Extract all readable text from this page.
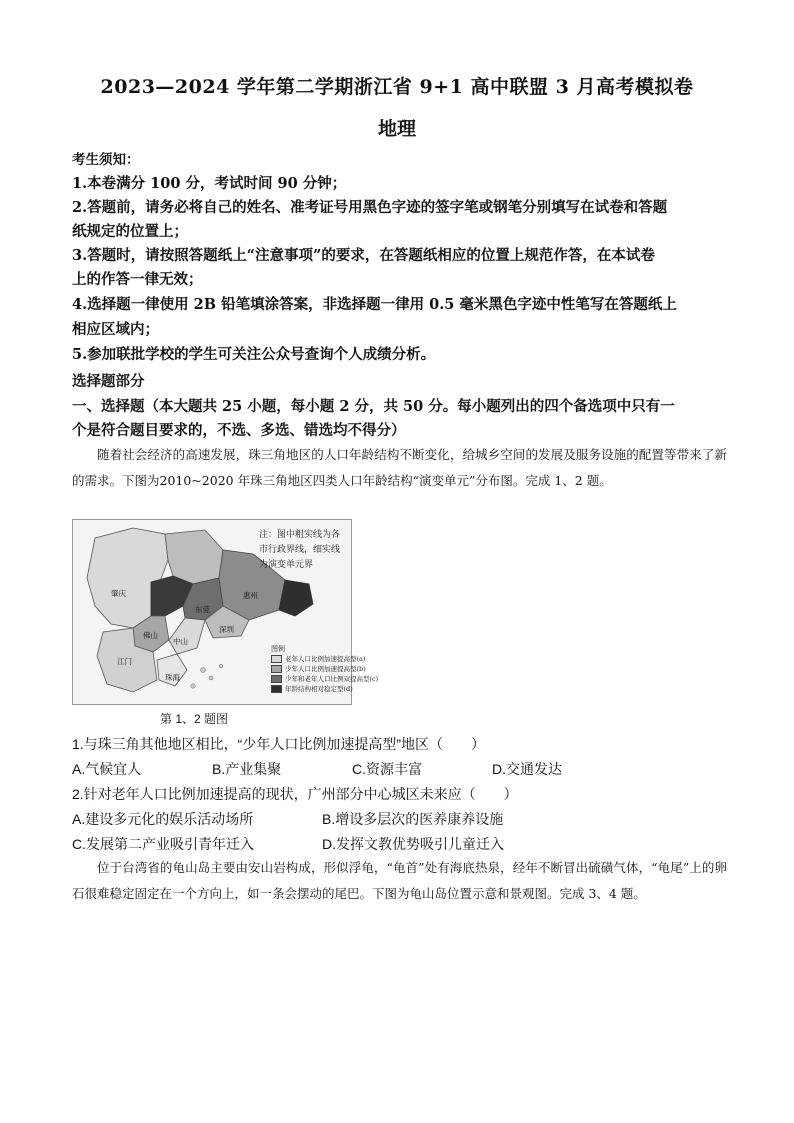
2023—2024 学年第二学期浙江省 9+1 高中联盟 3 月高考模拟卷
地理
考生须知：
1.本卷满分 100 分，考试时间 90 分钟；
2.答题前，请务必将自己的姓名、准考证号用黑色字迹的签字笔或钢笔分别填写在试卷和答题
纸规定的位置上；
3.答题时，请按照答题纸上“注意事项”的要求，在答题纸相应的位置上规范作答，在本试卷
上的作答一律无效；
4.选择题一律使用 2B 铅笔填涂答案，非选择题一律用 0.5 毫米黑色字迹中性笔写在答题纸上
相应区域内；
5.参加联批学校的学生可关注公众号查询个人成绩分析。
选择题部分
一、选择题（本大题共 25 小题，每小题 2 分，共 50 分。每小题列出的四个备选项中只有一
个是符合题目要求的，不选、多选、错选均不得分）
随着社会经济的高速发展，珠三角地区的人口年龄结构不断变化，给城乡空间的发展及服务设施的配置等带来了新的需求。下图为2010~2020 年珠三角地区四类人口年龄结构“演变单元”分布图。完成 1、2 题。
肇庆
佛山
东莞
惠州
中山
江门
珠海
深圳
注：图中粗实线为各市行政界线，细实线为演变单元界
图例
老年人口比例加速提高型(a)
少年人口比例加速提高型(b)
少年和老年人口比例双提高型(c)
年龄结构相对稳定型(d)
第 1、2 题图
1.与珠三角其他地区相比，“少年人口比例加速提高型”地区（　　）
A.气候宜人	B.产业集聚	C.资源丰富	D.交通发达
2.针对老年人口比例加速提高的现状，广州部分中心城区未来应（　　）
A.建设多元化的娱乐活动场所	B.增设多层次的医养康养设施
C.发展第二产业吸引青年迁入	D.发挥文教优势吸引儿童迁入
位于台湾省的龟山岛主要由安山岩构成，形似浮龟，“龟首”处有海底热泉，经年不断冒出硫磺气体，“龟尾”上的卵石很难稳定固定在一个方向上，如一条会摆动的尾巴。下图为龟山岛位置示意和景观图。完成 3、4 题。
